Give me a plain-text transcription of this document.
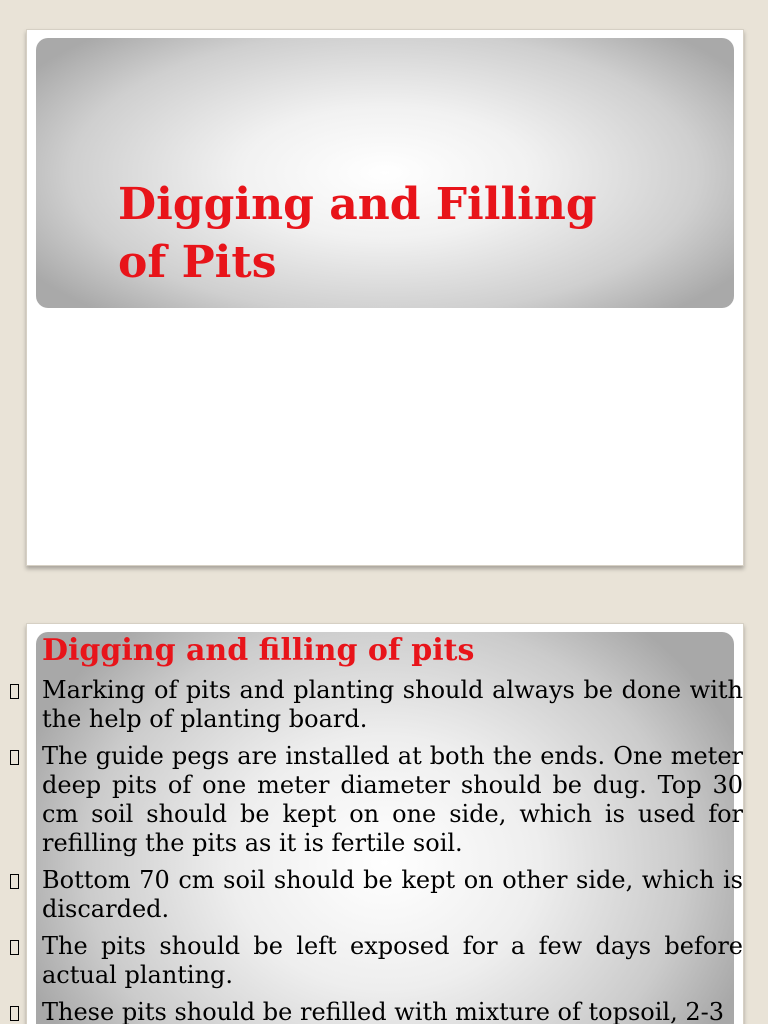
Digging and Filling of Pits
Digging and filling of pits
Marking of pits and planting should always be done with the help of planting board.
The guide pegs are installed at both the ends. One meter deep pits of one meter diameter should be dug. Top 30 cm soil should be kept on one side, which is used for refilling the pits as it is fertile soil.
Bottom 70 cm soil should be kept on other side, which is discarded.
The pits should be left exposed for a few days before actual planting.
These pits should be refilled with mixture of topsoil, 2-3
